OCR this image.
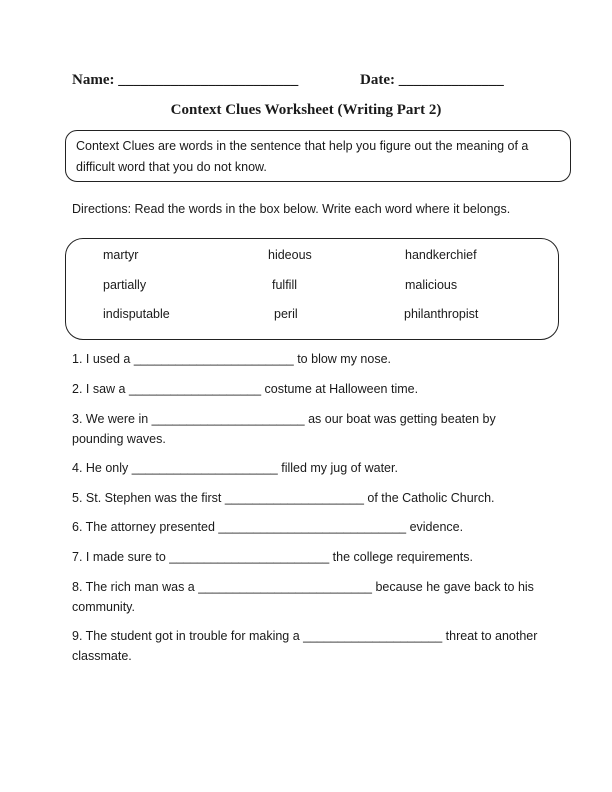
Name: ________________________	Date: ______________
Context Clues Worksheet (Writing Part 2)
Context Clues are words in the sentence that help you figure out the meaning of a difficult word that you do not know.
Directions: Read the words in the box below. Write each word where it belongs.
martyr	hideous	handkerchief
partially	fulfill	malicious
indisputable	peril	philanthropist
1. I used a _______________________ to blow my nose.
2. I saw a ___________________ costume at Halloween time.
3. We were in ______________________ as our boat was getting beaten by pounding waves.
4. He only _____________________ filled my jug of water.
5. St. Stephen was the first ____________________ of the Catholic Church.
6. The attorney presented ___________________________ evidence.
7. I made sure to _______________________ the college requirements.
8. The rich man was a _________________________ because he gave back to his community.
9. The student got in trouble for making a ____________________ threat to another classmate.
